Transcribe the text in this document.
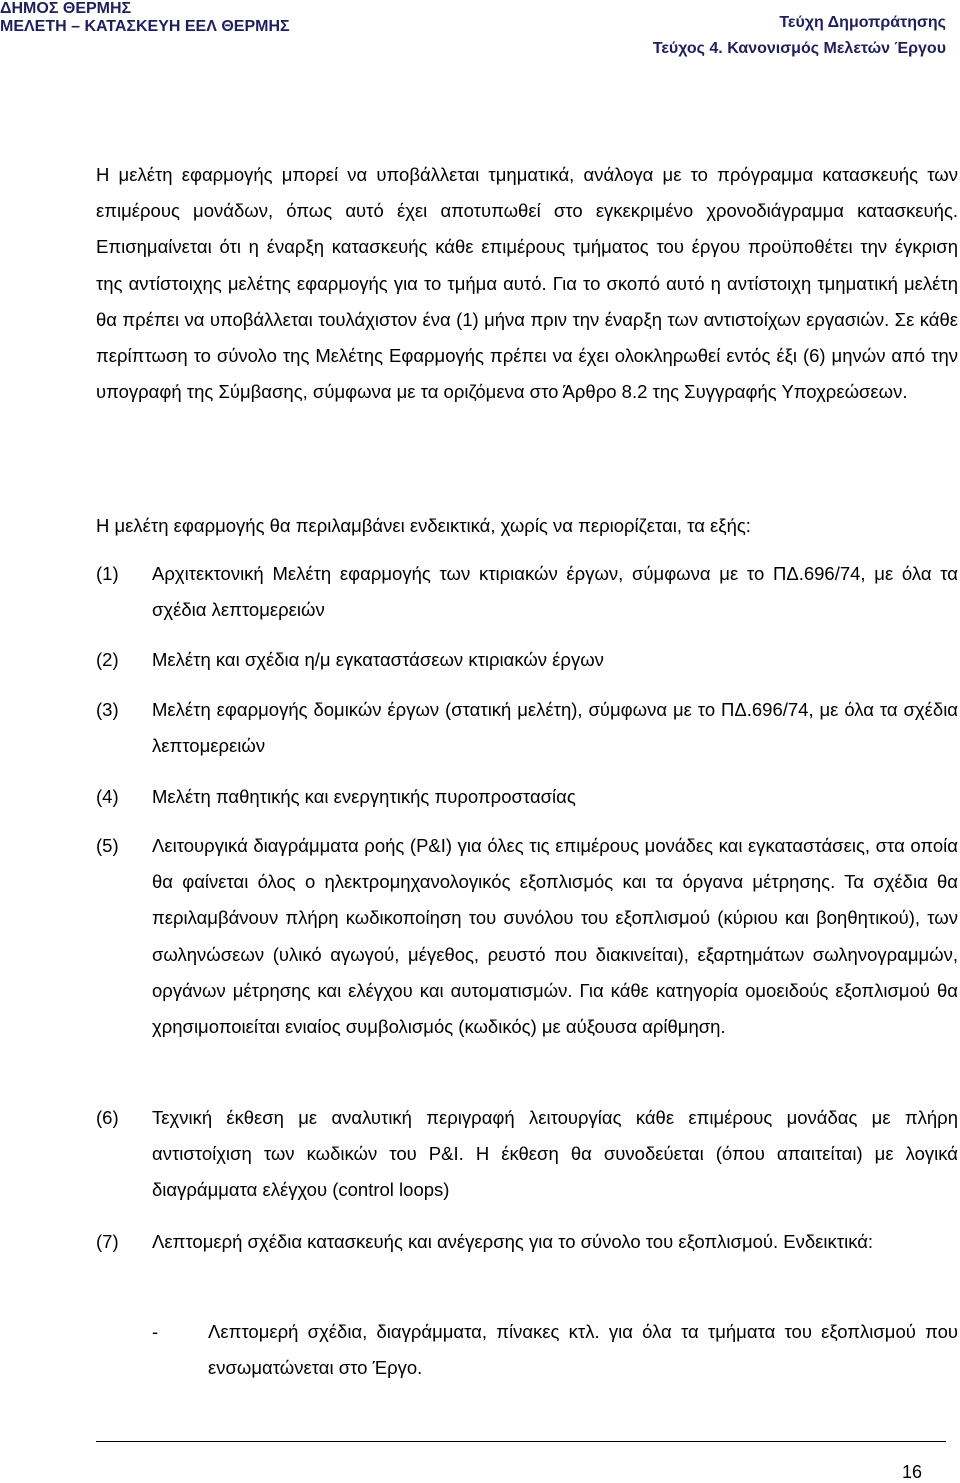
ΔΗΜΟΣ ΘΕΡΜΗΣ
ΜΕΛΕΤΗ – ΚΑΤΑΣΚΕΥΗ ΕΕΛ ΘΕΡΜΗΣ	Τεύχη Δημοπράτησης
Τεύχος 4. Κανονισμός Μελετών Έργου
Η μελέτη εφαρμογής μπορεί να υποβάλλεται τμηματικά, ανάλογα με το πρόγραμμα κατασκευής των επιμέρους μονάδων, όπως αυτό έχει αποτυπωθεί στο εγκεκριμένο χρονοδιάγραμμα κατασκευής. Επισημαίνεται ότι η έναρξη κατασκευής κάθε επιμέρους τμήματος του έργου προϋποθέτει την έγκριση της αντίστοιχης μελέτης εφαρμογής για το τμήμα αυτό. Για το σκοπό αυτό η αντίστοιχη τμηματική μελέτη θα πρέπει να υποβάλλεται τουλάχιστον ένα (1) μήνα πριν την έναρξη των αντιστοίχων εργασιών. Σε κάθε περίπτωση το σύνολο της Μελέτης Εφαρμογής πρέπει να έχει ολοκληρωθεί εντός έξι (6) μηνών από την υπογραφή της Σύμβασης, σύμφωνα με τα οριζόμενα στο Άρθρο 8.2 της Συγγραφής Υποχρεώσεων.
Η μελέτη εφαρμογής θα περιλαμβάνει ενδεικτικά, χωρίς να περιορίζεται, τα εξής:
(1) Αρχιτεκτονική Μελέτη εφαρμογής των κτιριακών έργων, σύμφωνα με το ΠΔ.696/74, με όλα τα σχέδια λεπτομερειών
(2) Μελέτη και σχέδια η/μ εγκαταστάσεων κτιριακών έργων
(3) Μελέτη εφαρμογής δομικών έργων (στατική μελέτη), σύμφωνα με το ΠΔ.696/74, με όλα τα σχέδια λεπτομερειών
(4) Μελέτη παθητικής και ενεργητικής πυροπροστασίας
(5) Λειτουργικά διαγράμματα ροής (P&I) για όλες τις επιμέρους μονάδες και εγκαταστάσεις, στα οποία θα φαίνεται όλος ο ηλεκτρομηχανολογικός εξοπλισμός και τα όργανα μέτρησης. Τα σχέδια θα περιλαμβάνουν πλήρη κωδικοποίηση του συνόλου του εξοπλισμού (κύριου και βοηθητικού), των σωληνώσεων (υλικό αγωγού, μέγεθος, ρευστό που διακινείται), εξαρτημάτων σωληνογραμμών, οργάνων μέτρησης και ελέγχου και αυτοματισμών. Για κάθε κατηγορία ομοειδούς εξοπλισμού θα χρησιμοποιείται ενιαίος συμβολισμός (κωδικός) με αύξουσα αρίθμηση.
(6) Τεχνική έκθεση με αναλυτική περιγραφή λειτουργίας κάθε επιμέρους μονάδας με πλήρη αντιστοίχιση των κωδικών του P&I. Η έκθεση θα συνοδεύεται (όπου απαιτείται) με λογικά διαγράμματα ελέγχου (control loops)
(7) Λεπτομερή σχέδια κατασκευής και ανέγερσης για το σύνολο του εξοπλισμού. Ενδεικτικά:
-	Λεπτομερή σχέδια, διαγράμματα, πίνακες κτλ. για όλα τα τμήματα του εξοπλισμού που ενσωματώνεται στο Έργο.
16
